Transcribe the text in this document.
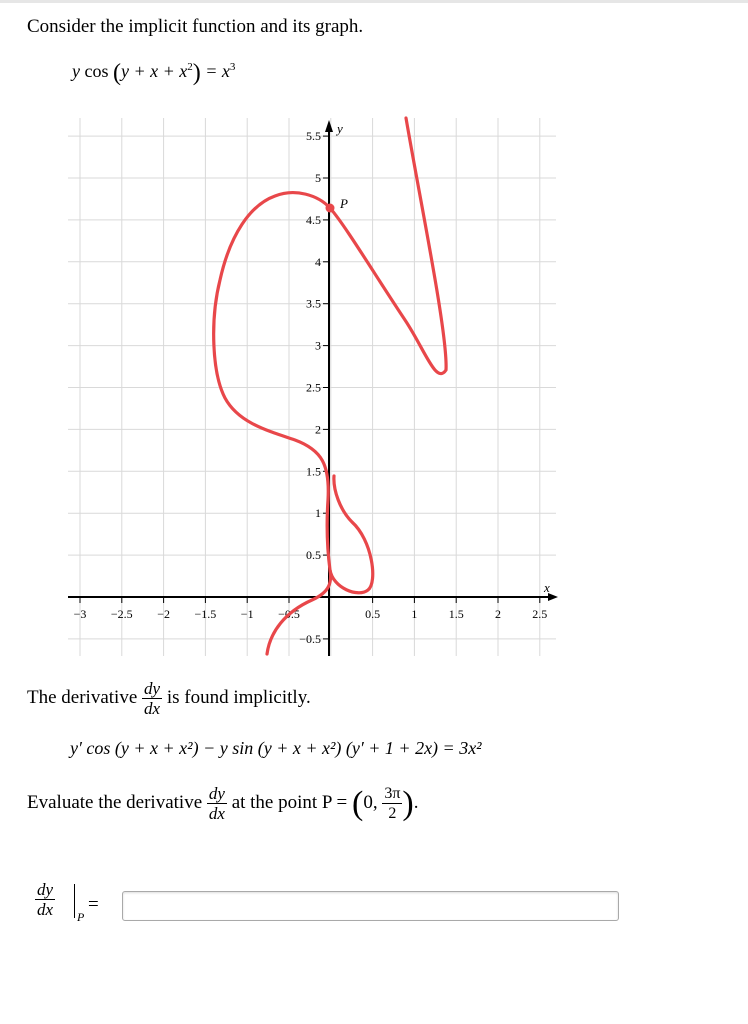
Consider the implicit function and its graph.
y $\cos (y + x + x^2) = x^3$
−3 −2.5 −2 −1.5 −1 −0.5	0.5	1	1.5	2	2.5
5.5
5
4.5
4
3.5
3
2.5
2
1.5
1
0.5
−0.5
P
x
y
The derivative $\frac{dy}{dx}$ is found implicitly.
y′ cos (y + x + x²) − y sin (y + x + x²) (y′ + 1 + 2x) = 3x²
Evaluate the derivative $\frac{dy}{dx}$ at the point P = (0, $\frac{3\pi}{2}$ ).
$\frac{dy}{dx}$ P
=
